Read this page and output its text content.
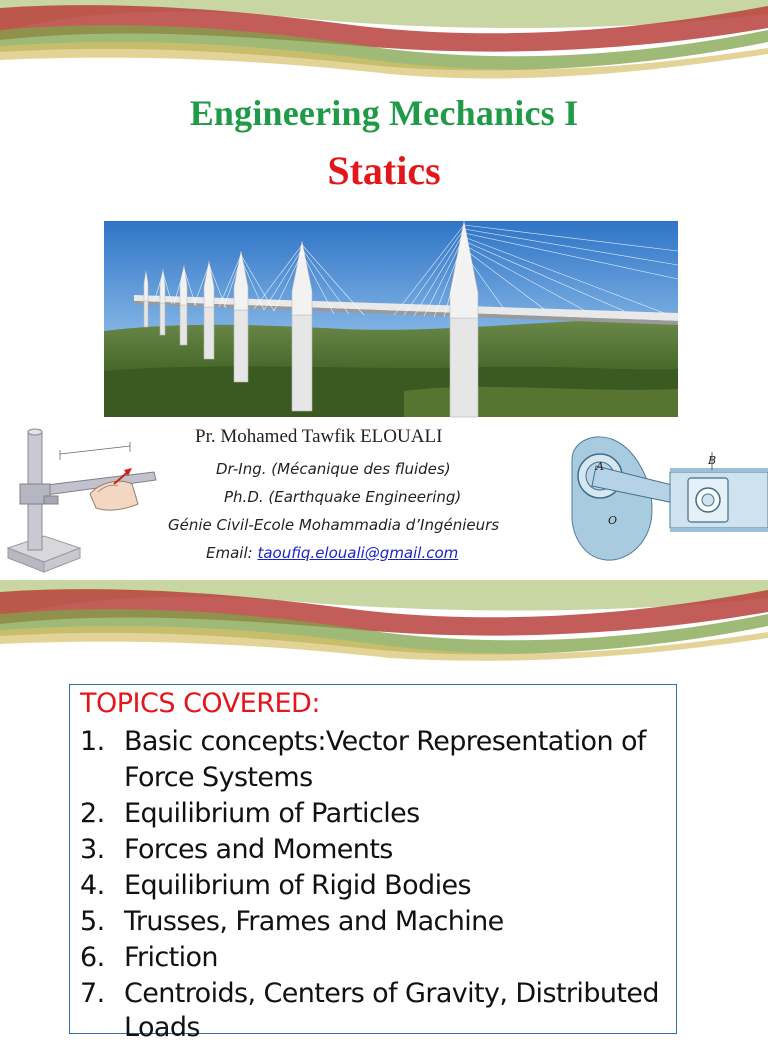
Engineering Mechanics I
Statics
Pr. Mohamed Tawfik ELOUALI
Dr-Ing. (Mécanique des fluides)
Ph.D. (Earthquake Engineering)
Génie Civil-Ecole Mohammadia d’Ingénieurs
Email: taoufiq.elouali@gmail.com
A
O
B
TOPICS COVERED:
1. Basic concepts:Vector Representation of
Force Systems
2.Equilibrium of Particles
3.Forces and Moments
4.Equilibrium of Rigid Bodies
5.Trusses, Frames and Machine
6.Friction
7.Centroids, Centers of Gravity, Distributed
Loads
